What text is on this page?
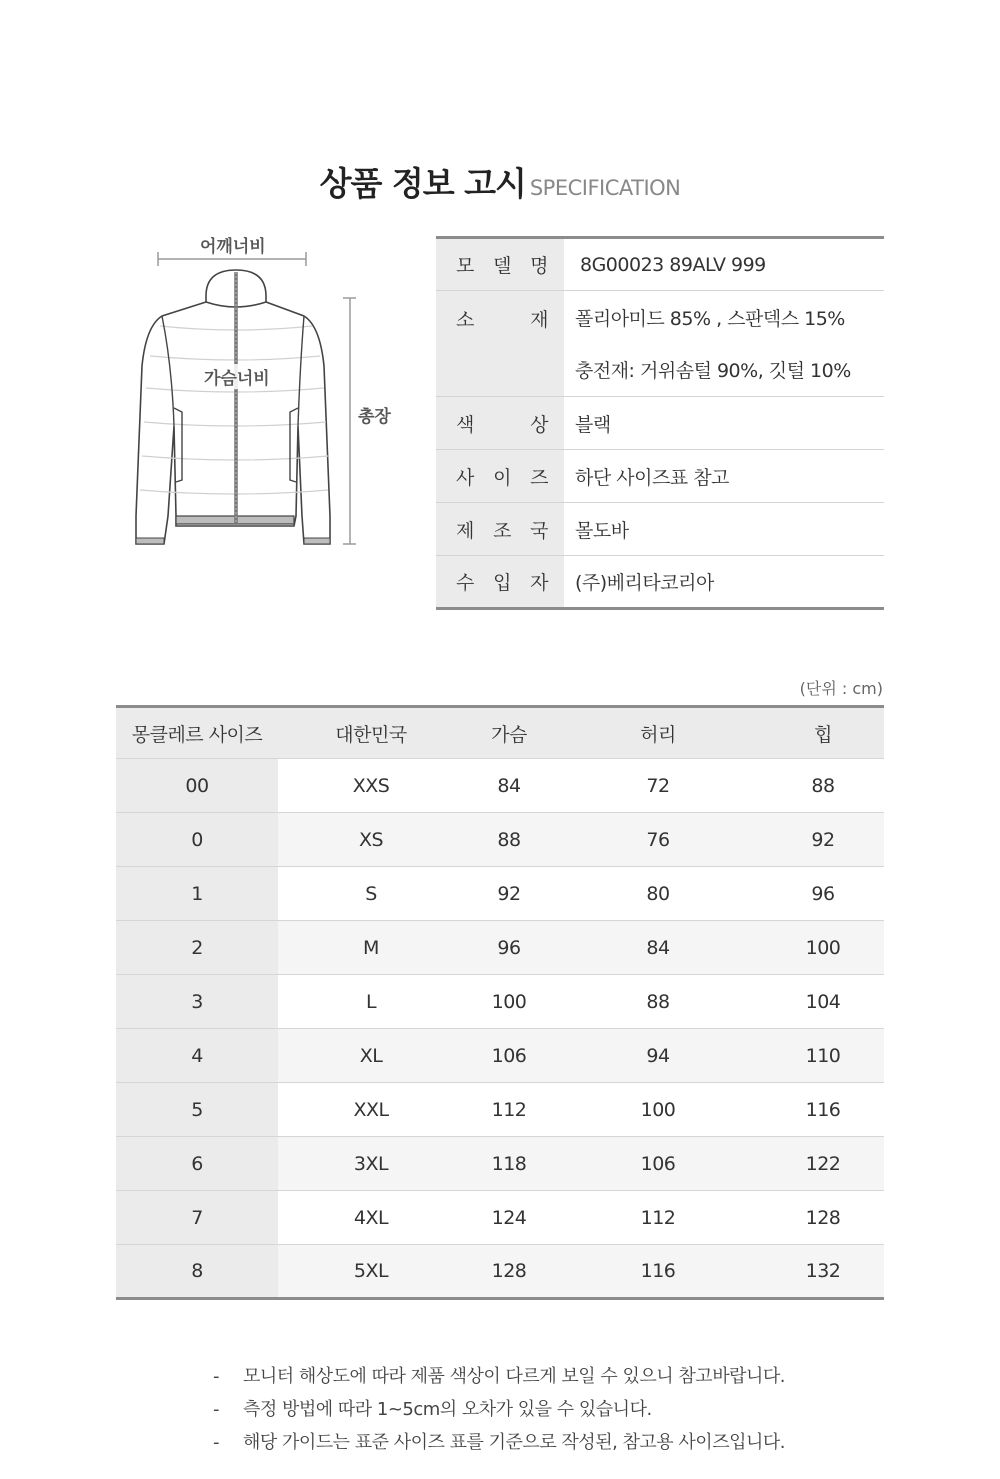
상품 정보 고시 SPECIFICATION
어깨너비
가슴너비
총장
모 델 명	8G00023 89ALV 999

소 재	폴리아미드 85% , 스판덱스 15%
	충전재: 거위솜털 90%, 깃털 10%

색 상	블랙

사 이 즈	하단 사이즈표 참고

제 조 국	몰도바

수 입 자	(주)베리타코리아
(단위 : cm)
몽클레르 사이즈	대한민국	가슴	허리	힙
00	XXS	84	72	88
0	XS	88	76	92
1	S	92	80	96
2	M	96	84	100
3	L	100	88	104
4	XL	106	94	110
5	XXL	112	100	116
6	3XL	118	106	122
7	4XL	124	112	128
8	5XL	128	116	132
- 모니터 해상도에 따라 제품 색상이 다르게 보일 수 있으니 참고바랍니다.
- 측정 방법에 따라 1~5cm의 오차가 있을 수 있습니다.
- 해당 가이드는 표준 사이즈 표를 기준으로 작성된, 참고용 사이즈입니다.
